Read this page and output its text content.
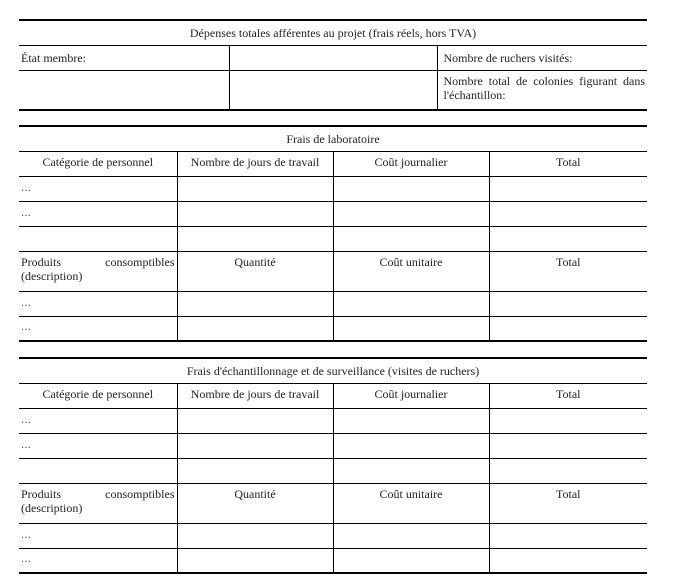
Dépenses totales afférentes au projet (frais réels, hors TVA)		
État membre:		Nombre de ruchers visités:
		Nombre total de colonies figurant dans l'échantillon:
Frais de laboratoire			
Catégorie de personnel	Nombre de jours de travail	Coût journalier	Total
…			
…			

Produits consomptibles (description)	Quantité	Coût unitaire	Total
…			
…			
Frais d'échantillonnage et de surveillance (visites de ruchers)			
Catégorie de personnel	Nombre de jours de travail	Coût journalier	Total
…			
…			

Produits consomptibles (description)	Quantité	Coût unitaire	Total
…			
…			
